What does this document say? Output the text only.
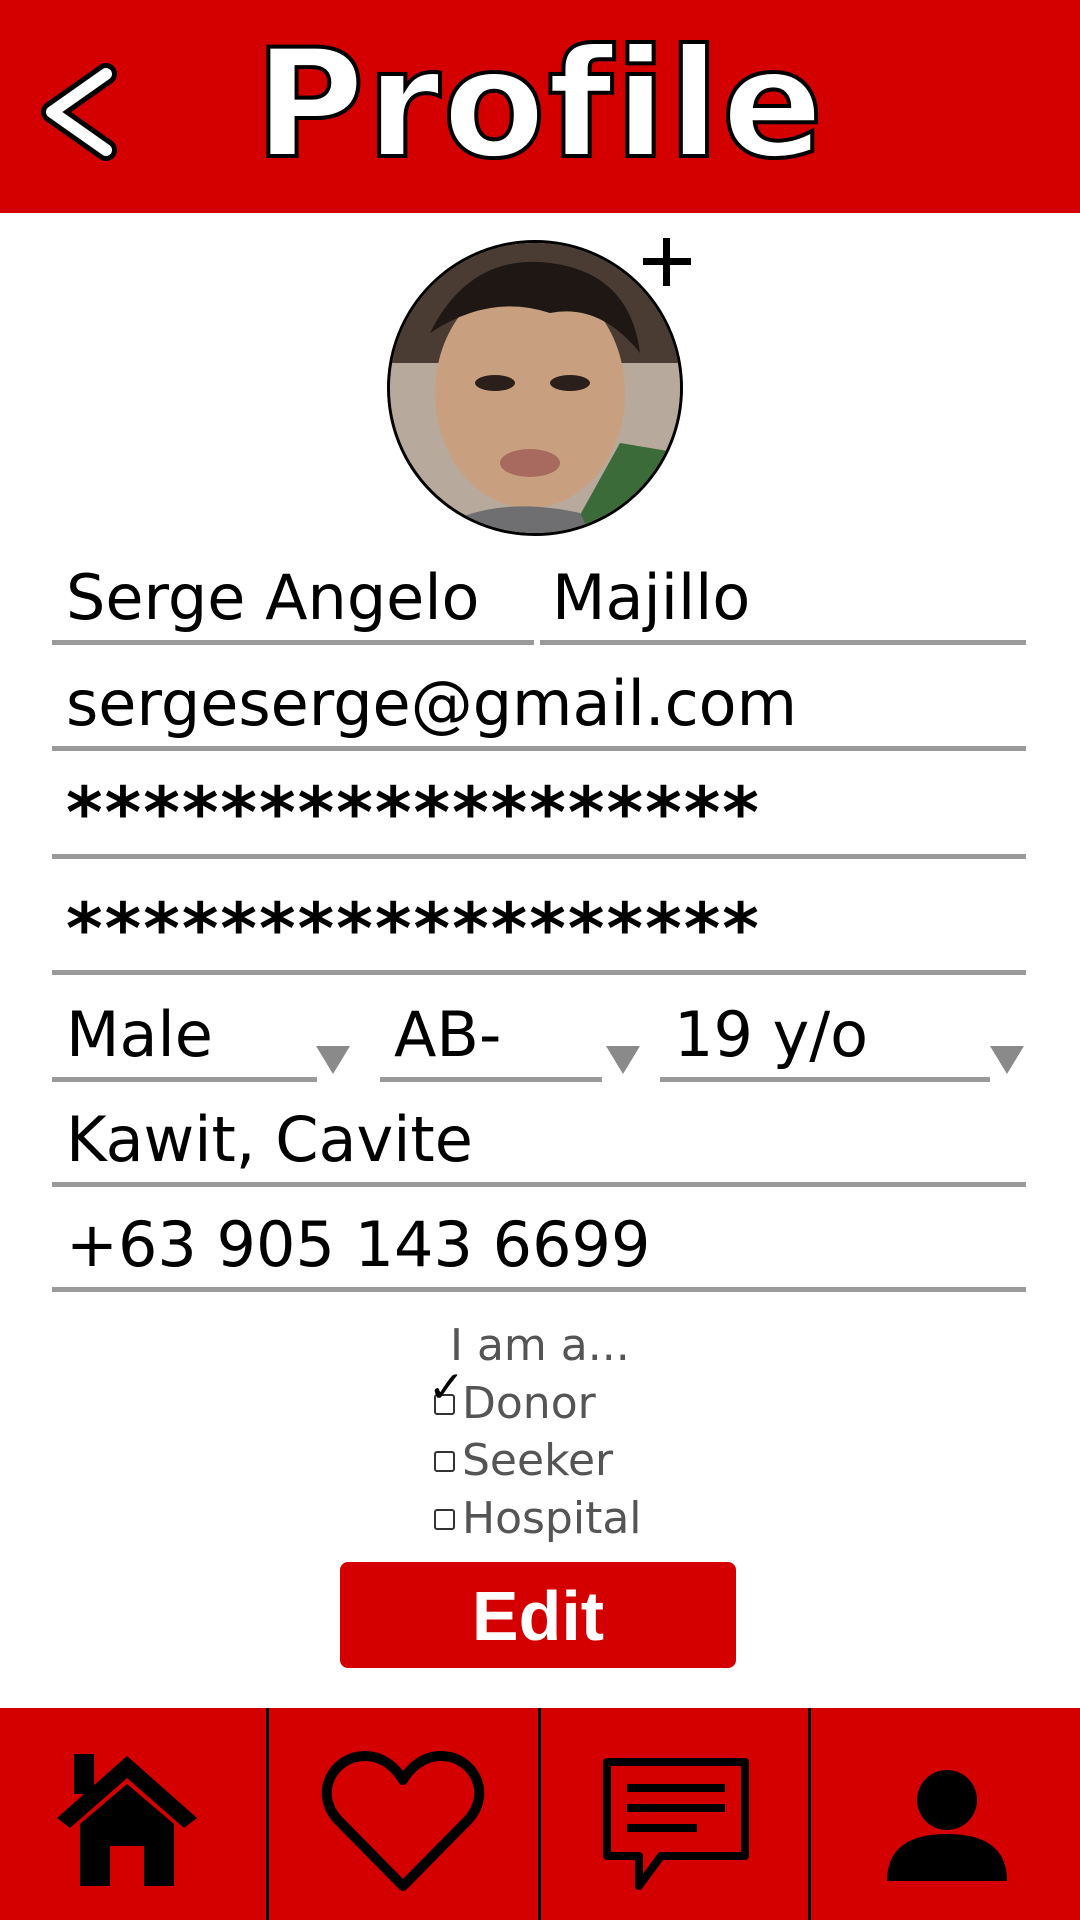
Profile
Serge Angelo Majillo
sergeserge@gmail.com
******************
******************
Male	AB-	19 y/o
Kawit, Cavite
+63 905 143 6699
I am a...
✓
Donor
Seeker
Hospital
Edit
